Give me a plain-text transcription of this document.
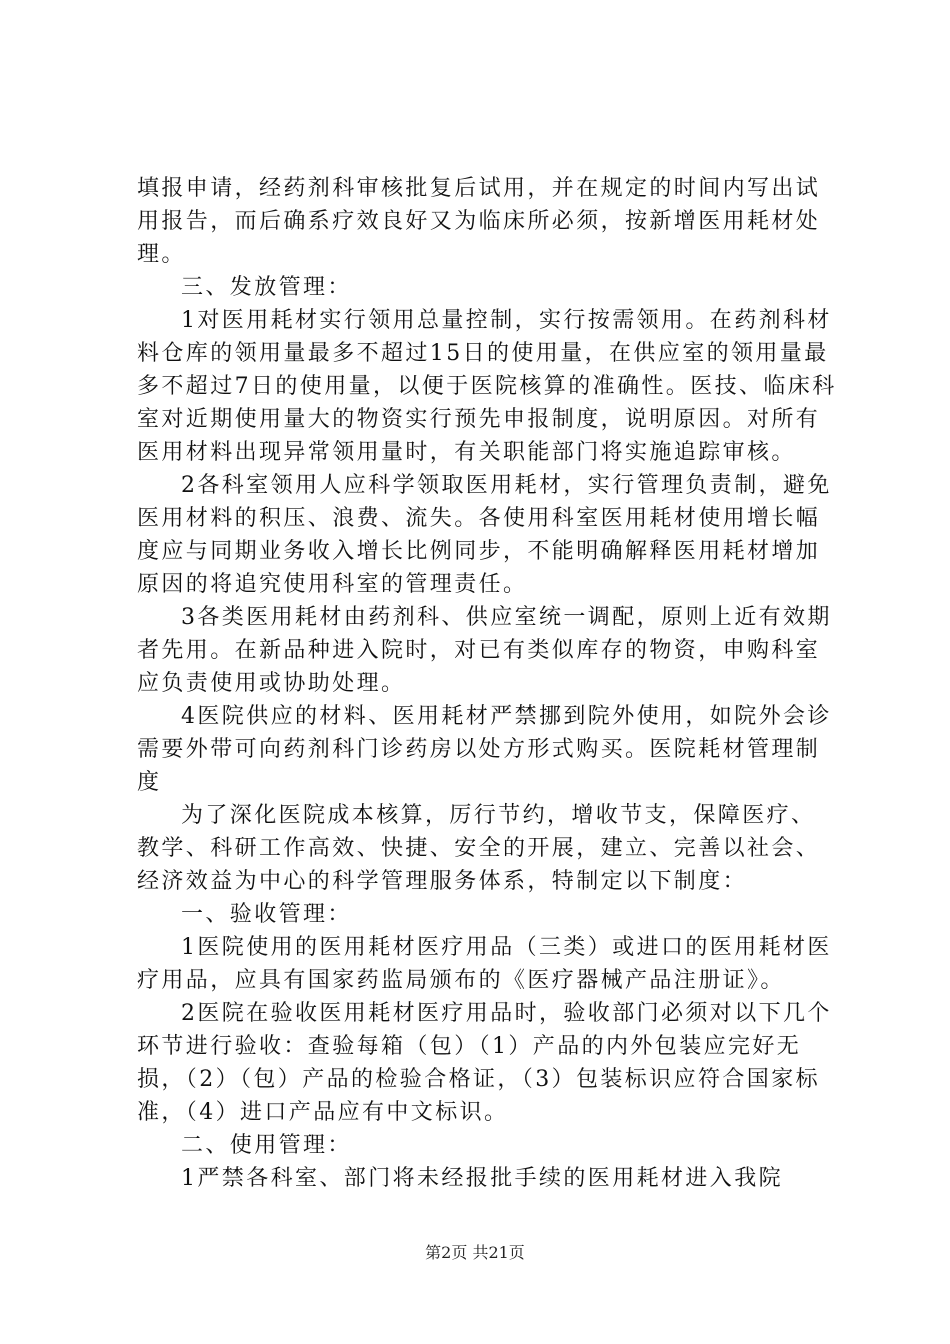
填报申请，经药剂科审核批复后试用，并在规定的时间内写出试用报告，而后确系疗效良好又为临床所必须，按新增医用耗材处理。

三、发放管理：

1对医用耗材实行领用总量控制，实行按需领用。在药剂科材料仓库的领用量最多不超过15日的使用量，在供应室的领用量最多不超过7日的使用量，以便于医院核算的准确性。医技、临床科室对近期使用量大的物资实行预先申报制度，说明原因。对所有医用材料出现异常领用量时，有关职能部门将实施追踪审核。

2各科室领用人应科学领取医用耗材，实行管理负责制，避免医用材料的积压、浪费、流失。各使用科室医用耗材使用增长幅度应与同期业务收入增长比例同步，不能明确解释医用耗材增加原因的将追究使用科室的管理责任。

3各类医用耗材由药剂科、供应室统一调配，原则上近有效期者先用。在新品种进入院时，对已有类似库存的物资，申购科室应负责使用或协助处理。

4医院供应的材料、医用耗材严禁挪到院外使用，如院外会诊需要外带可向药剂科门诊药房以处方形式购买。医院耗材管理制度

为了深化医院成本核算，厉行节约，增收节支，保障医疗、教学、科研工作高效、快捷、安全的开展，建立、完善以社会、经济效益为中心的科学管理服务体系，特制定以下制度：

一、验收管理：

1医院使用的医用耗材医疗用品（三类）或进口的医用耗材医疗用品，应具有国家药监局颁布的《医疗器械产品注册证》。

2医院在验收医用耗材医疗用品时，验收部门必须对以下几个环节进行验收：查验每箱（包）（1）产品的内外包装应完好无损，（2）（包）产品的检验合格证，（3）包装标识应符合国家标准，（4）进口产品应有中文标识。

二、使用管理：

1严禁各科室、部门将未经报批手续的医用耗材进入我院

第2页 共21页
